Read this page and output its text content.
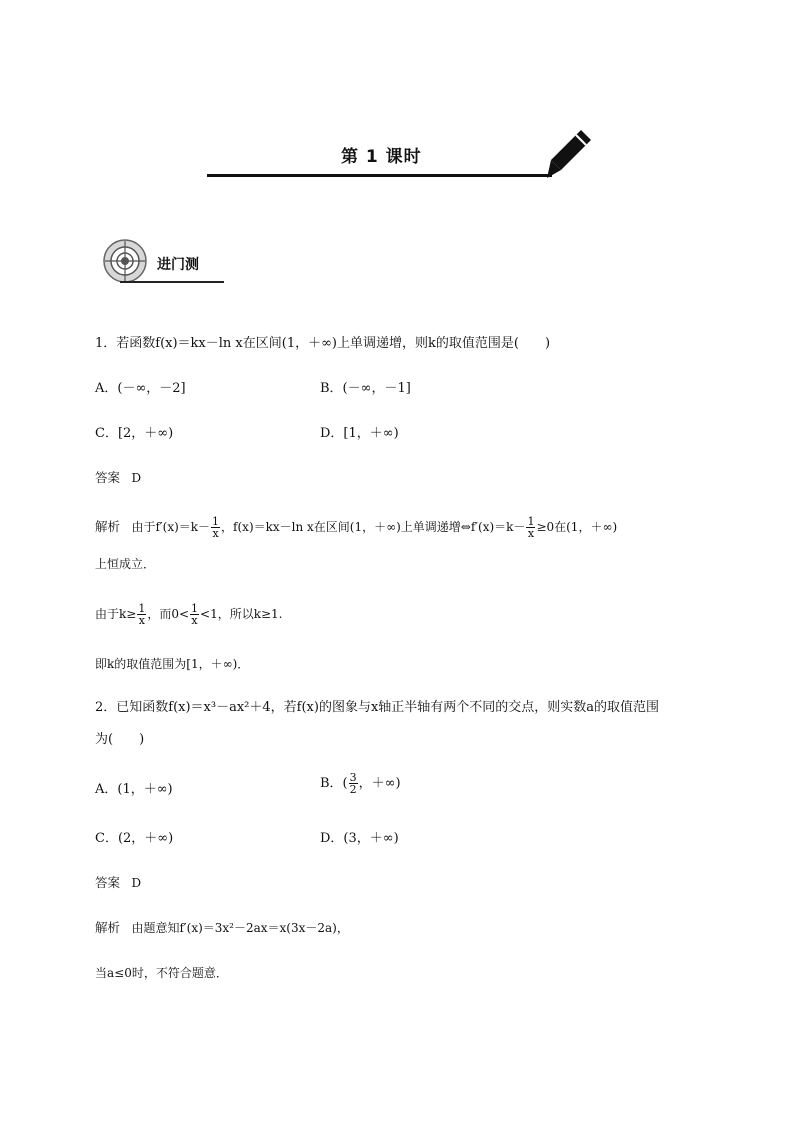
第 1 课时
进门测
1．若函数f(x)＝kx－ln x在区间(1，＋∞)上单调递增，则k的取值范围是(　　)
A．(－∞，－2]	B．(－∞，－1]
C．[2，＋∞)	D．[1，＋∞)
答案 D
解析 由于$f'(x)=k- \frac{1}{x}$ ，f(x)＝kx－ln x在区间(1，＋∞)上单调递增⇔f′(x)＝k－ $\frac{1}{x} \ge 0$在(1，＋∞)
上恒成立．
由于$k\ge \frac{1}{x}$ ，而$0< \frac{1}{x} <1$，所以k≥1.
即k的取值范围为[1，＋∞)．
2．已知函数f(x)＝x³－ax²＋4，若f(x)的图象与x轴正半轴有两个不同的交点，则实数a的取值范围
为(　　)
A．(1，＋∞)	B．( $\frac{3}{2}$ ，＋∞)
C．(2，＋∞)	D．(3，＋∞)
答案 D
解析 由题意知f′(x)＝3x²－2ax＝x(3x－2a)，
当a≤0时，不符合题意．
